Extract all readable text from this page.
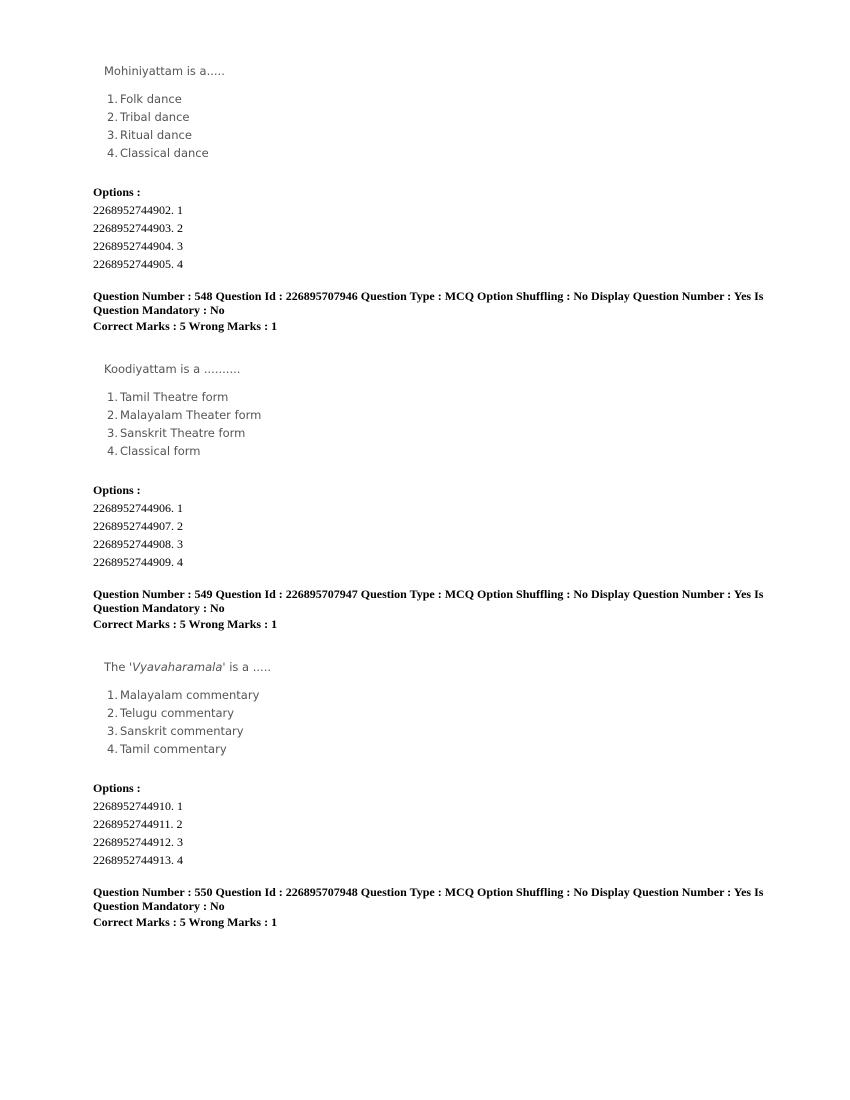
Mohiniyattam is a.....
1. Folk dance
2. Tribal dance
3. Ritual dance
4. Classical dance
Options :
2268952744902. 1
2268952744903. 2
2268952744904. 3
2268952744905. 4
Question Number : 548 Question Id : 226895707946 Question Type : MCQ Option Shuffling : No Display Question Number : Yes Is Question Mandatory : No
Correct Marks : 5 Wrong Marks : 1
Koodiyattam is a ..........
1. Tamil Theatre form
2. Malayalam Theater form
3. Sanskrit Theatre form
4. Classical form
Options :
2268952744906. 1
2268952744907. 2
2268952744908. 3
2268952744909. 4
Question Number : 549 Question Id : 226895707947 Question Type : MCQ Option Shuffling : No Display Question Number : Yes Is Question Mandatory : No
Correct Marks : 5 Wrong Marks : 1
The 'Vyavaharamala' is a .....
1. Malayalam commentary
2. Telugu commentary
3. Sanskrit commentary
4. Tamil commentary
Options :
2268952744910. 1
2268952744911. 2
2268952744912. 3
2268952744913. 4
Question Number : 550 Question Id : 226895707948 Question Type : MCQ Option Shuffling : No Display Question Number : Yes Is Question Mandatory : No
Correct Marks : 5 Wrong Marks : 1
